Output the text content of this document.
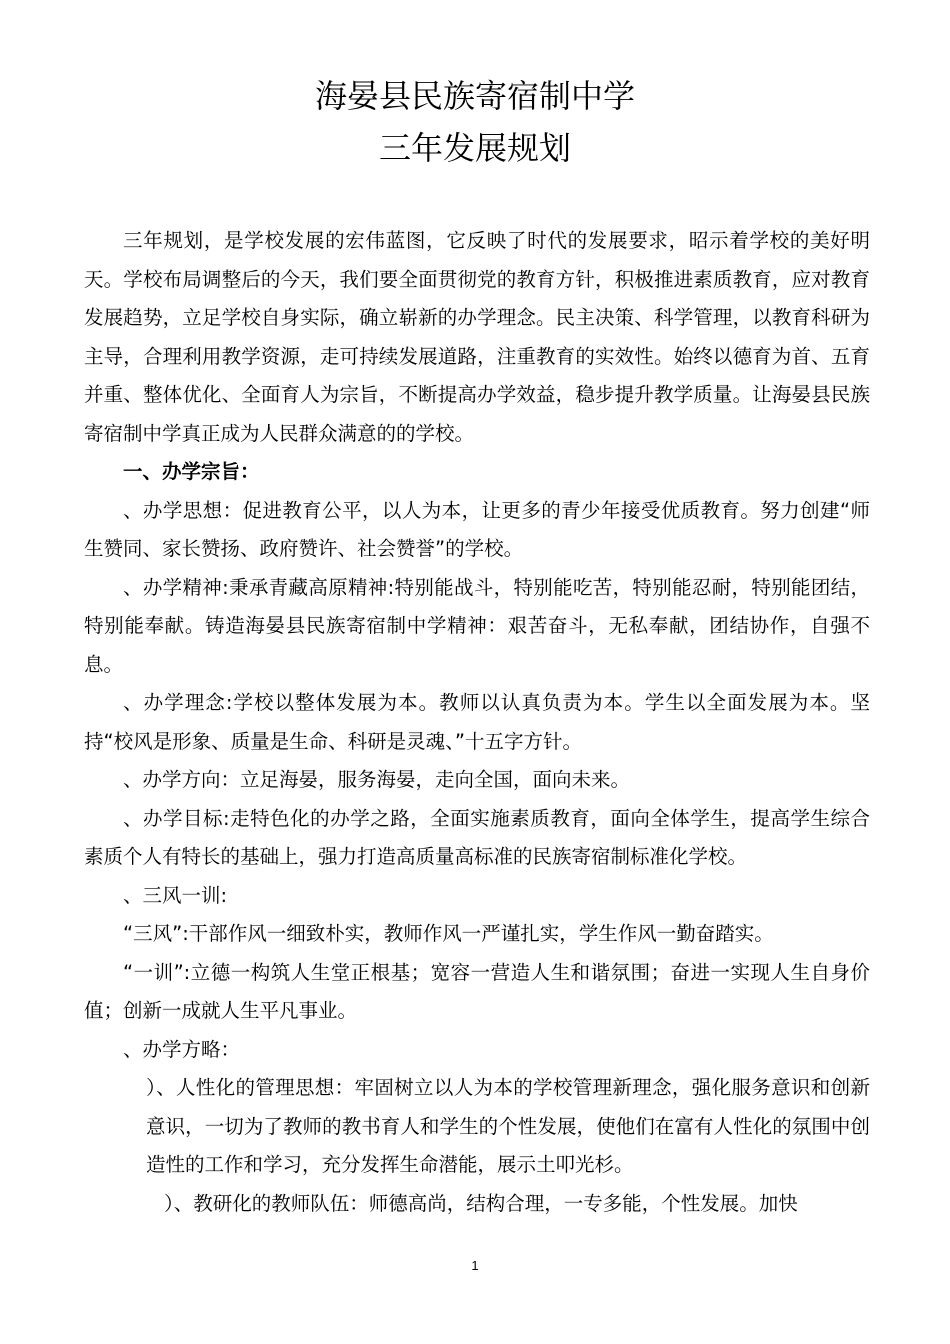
海晏县民族寄宿制中学
三年发展规划

三年规划，是学校发展的宏伟蓝图，它反映了时代的发展要求，昭示着学校的美好明天。学校布局调整后的今天，我们要全面贯彻党的教育方针，积极推进素质教育，应对教育发展趋势，立足学校自身实际，确立崭新的办学理念。民主决策、科学管理，以教育科研为主导，合理利用教学资源，走可持续发展道路，注重教育的实效性。始终以德育为首、五育并重、整体优化、全面育人为宗旨，不断提高办学效益，稳步提升教学质量。让海晏县民族寄宿制中学真正成为人民群众满意的的学校。

一、办学宗旨：

、办学思想：促进教育公平，以人为本，让更多的青少年接受优质教育。努力创建“师生赞同、家长赞扬、政府赞许、社会赞誉”的学校。

、办学精神:秉承青藏高原精神:特别能战斗，特别能吃苦，特别能忍耐，特别能团结，特别能奉献。铸造海晏县民族寄宿制中学精神：艰苦奋斗，无私奉献，团结协作，自强不息。

、办学理念:学校以整体发展为本。教师以认真负责为本。学生以全面发展为本。坚持“校风是形象、质量是生命、科研是灵魂、”十五字方针。

、办学方向：立足海晏，服务海晏，走向全国，面向未来。

、办学目标:走特色化的办学之路，全面实施素质教育，面向全体学生，提高学生综合素质个人有特长的基础上，强力打造高质量高标准的民族寄宿制标准化学校。

、三风一训:

“三风”:干部作风一细致朴实，教师作风一严谨扎实，学生作风一勤奋踏实。

“一训”:立德一构筑人生堂正根基；宽容一营造人生和谐氛围；奋进一实现人生自身价值；创新一成就人生平凡事业。

、办学方略：

）、人性化的管理思想：牢固树立以人为本的学校管理新理念，强化服务意识和创新意识，一切为了教师的教书育人和学生的个性发展，使他们在富有人性化的氛围中创造性的工作和学习，充分发挥生命潜能，展示土叩光杉。

）、教研化的教师队伍：师德高尚，结构合理，一专多能，个性发展。加快

1
